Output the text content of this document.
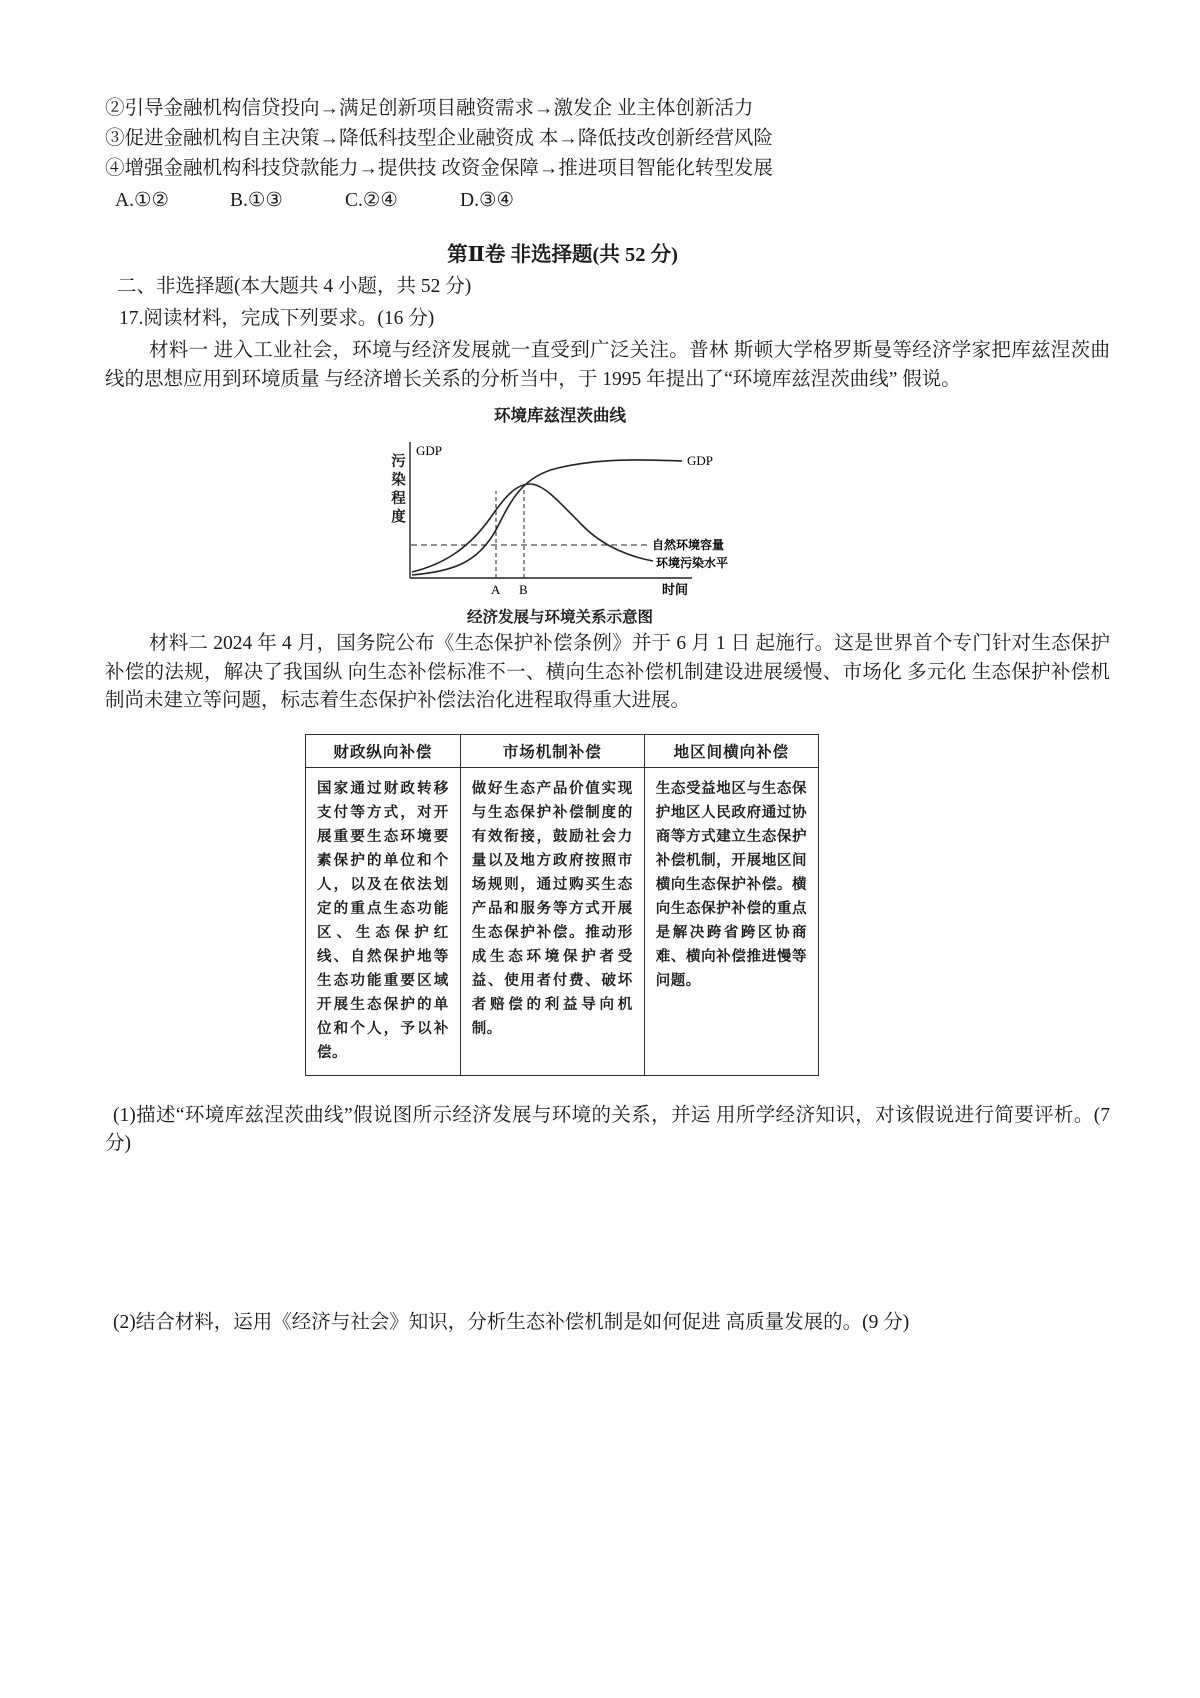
②引导金融机构信贷投向→满足创新项目融资需求→激发企 业主体创新活力

③促进金融机构自主决策→降低科技型企业融资成 本→降低技改创新经营风险

④增强金融机构科技贷款能力→提供技 改资金保障→推进项目智能化转型发展

A.①②	B.①③	C.②④	D.③④

第Ⅱ卷 非选择题(共 52 分)

二、非选择题(本大题共 4 小题，共 52 分)

17.阅读材料，完成下列要求。(16 分)

材料一 进入工业社会，环境与经济发展就一直受到广泛关注。普林 斯顿大学格罗斯曼等经济学家把库兹涅茨曲线的思想应用到环境质量 与经济增长关系的分析当中，于 1995 年提出了“环境库兹涅茨曲线” 假说。

环境库兹涅茨曲线
污染程度
GDP
GDP
自然环境容量
环境污染水平
A B	时间
经济发展与环境关系示意图

材料二 2024 年 4 月，国务院公布《生态保护补偿条例》并于 6 月 1 日 起施行。这是世界首个专门针对生态保护补偿的法规，解决了我国纵 向生态补偿标准不一、横向生态补偿机制建设进展缓慢、市场化 多元化 生态保护补偿机制尚未建立等问题，标志着生态保护补偿法治化进程取得重大进展。

财政纵向补偿	市场机制补偿	地区间横向补偿
国家通过财政转移支付等方式，对开展重要生态环境要素保护的单位和个人，以及在依法划定的重点生态功能区、生态保护红线、自然保护地等生态功能重要区域开展生态保护的单位和个人，予以补偿。	做好生态产品价值实现与生态保护补偿制度的有效衔接，鼓励社会力量以及地方政府按照市场规则，通过购买生态产品和服务等方式开展生态保护补偿。推动形成生态环境保护者受益、使用者付费、破坏者赔偿的利益导向机制。	生态受益地区与生态保护地区人民政府通过协商等方式建立生态保护补偿机制，开展地区间横向生态保护补偿。横向生态保护补偿的重点是解决跨省跨区协商难、横向补偿推进慢等问题。

(1)描述“环境库兹涅茨曲线”假说图所示经济发展与环境的关系，并运 用所学经济知识，对该假说进行简要评析。(7 分)

(2)结合材料，运用《经济与社会》知识，分析生态补偿机制是如何促进 高质量发展的。(9 分)
